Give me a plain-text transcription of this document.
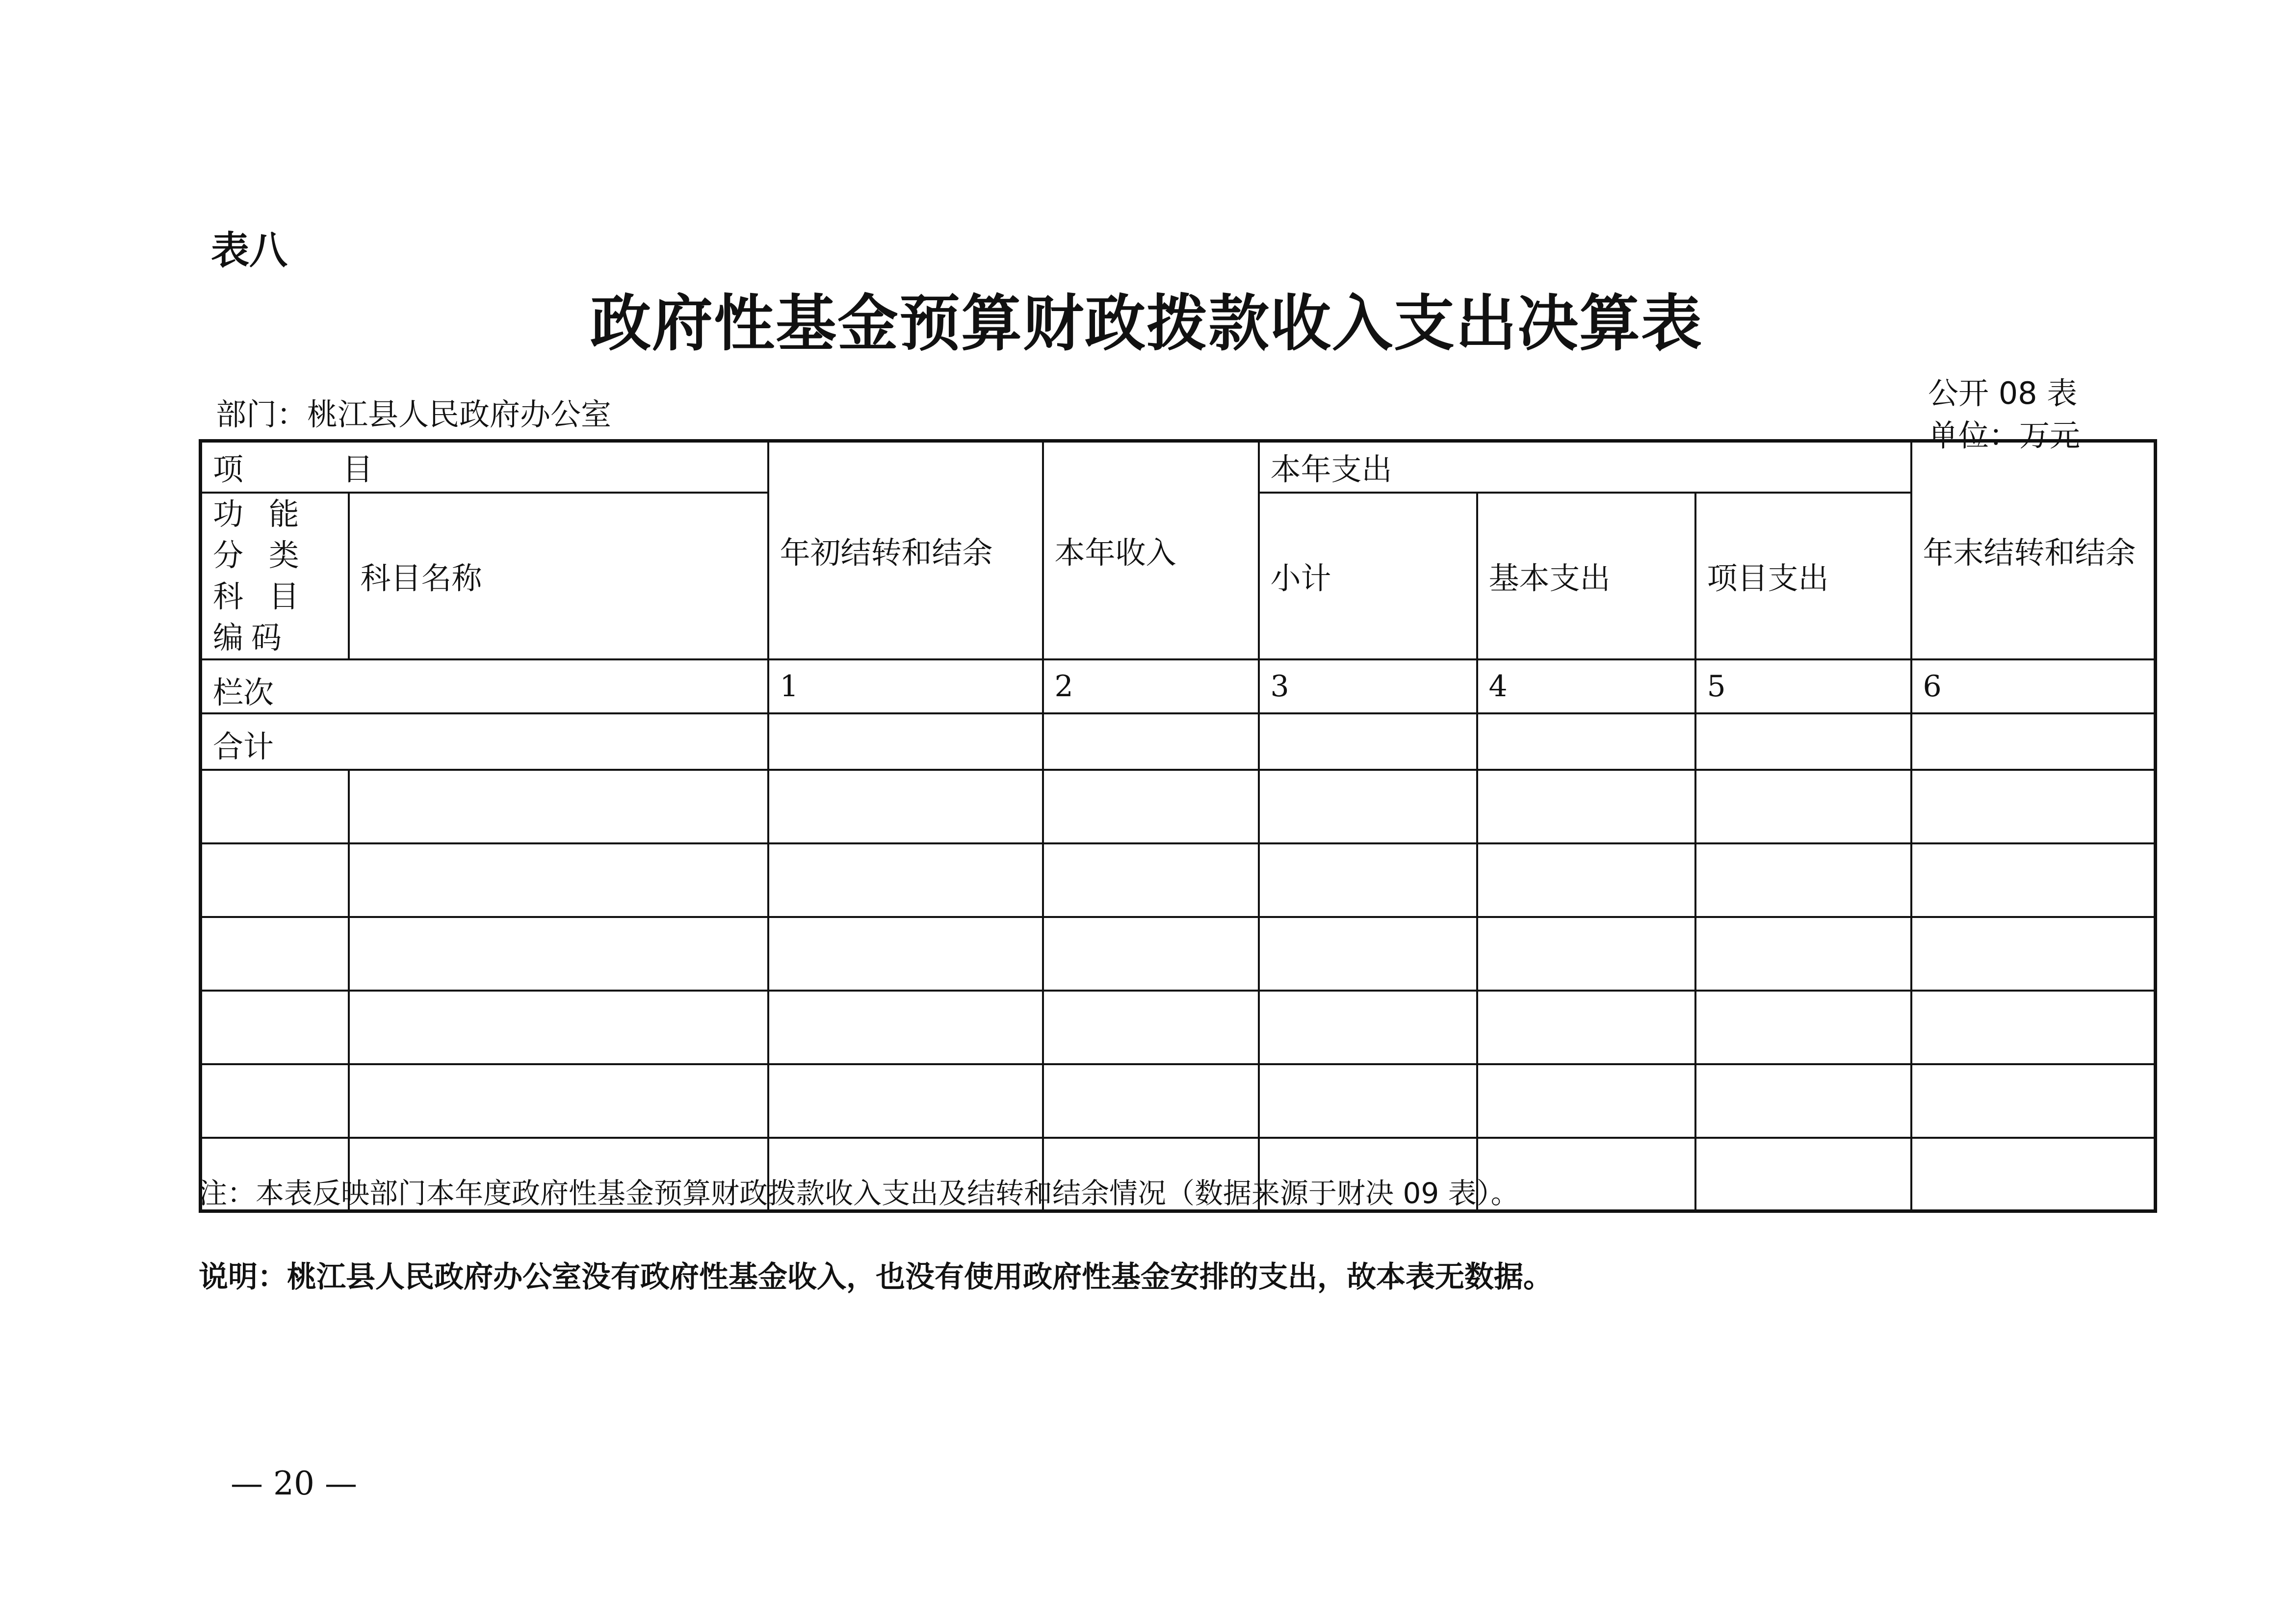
表八
政府性基金预算财政拨款收入支出决算表
部门：桃江县人民政府办公室
公开 08 表
单位：万元
项　目		年初结转和结余	本年收入	本年支出			年末结转和结余
功 能 分 类 科 目 编码	科目名称			小计	基本支出	项目支出	

栏次		1	2	3	4	5	6
合计							

注：本表反映部门本年度政府性基金预算财政拨款收入支出及结转和结余情况（数据来源于财决 09 表）。
说明：桃江县人民政府办公室没有政府性基金收入，也没有使用政府性基金安排的支出，故本表无数据。
— 20 —
